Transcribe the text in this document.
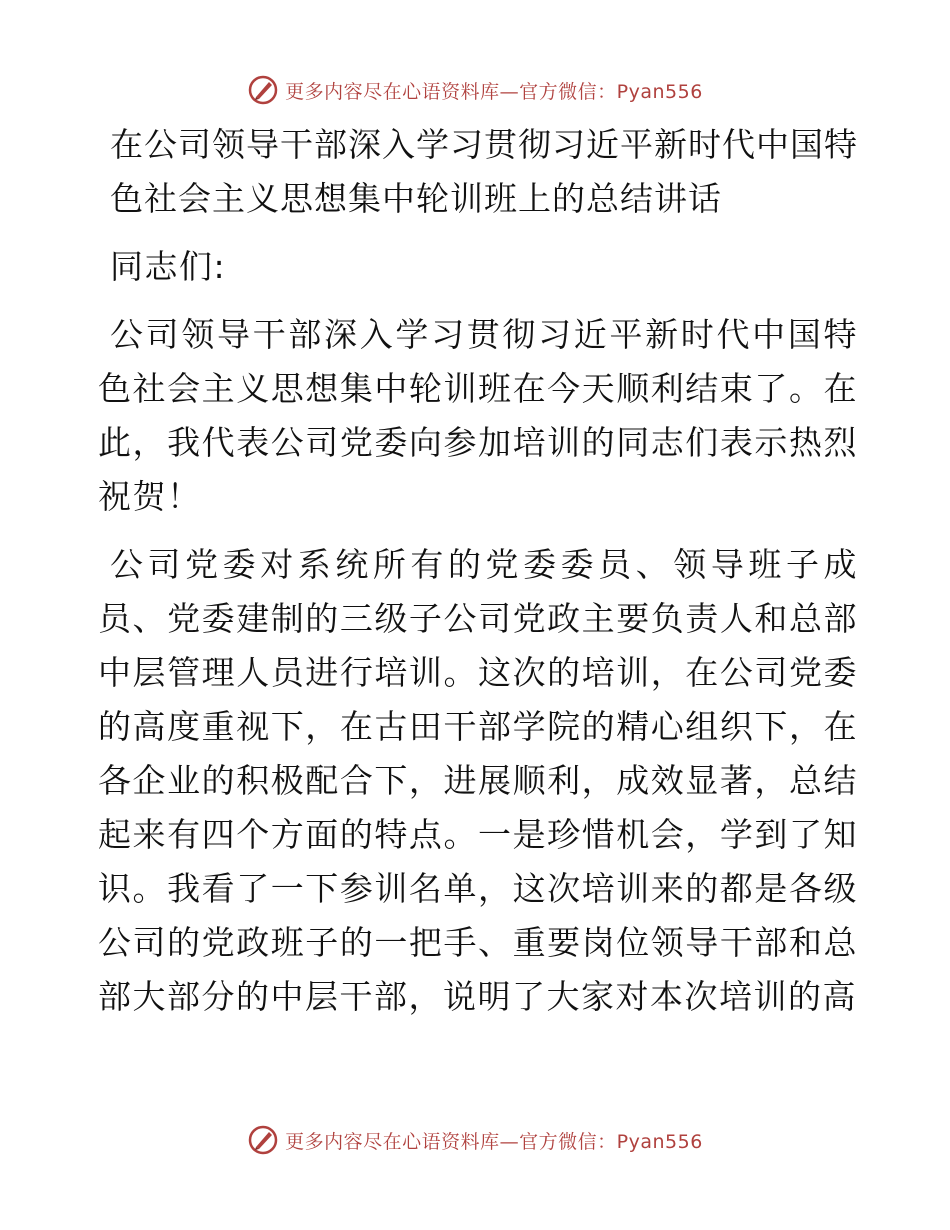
更多内容尽在心语资料库—官方微信：Pyan556
在公司领导干部深入学习贯彻习近平新时代中国特色社会主义思想集中轮训班上的总结讲话

同志们:

公司领导干部深入学习贯彻习近平新时代中国特色社会主义思想集中轮训班在今天顺利结束了。在此，我代表公司党委向参加培训的同志们表示热烈祝贺！

公司党委对系统所有的党委委员、领导班子成员、党委建制的三级子公司党政主要负责人和总部中层管理人员进行培训。这次的培训，在公司党委的高度重视下，在古田干部学院的精心组织下，在各企业的积极配合下，进展顺利，成效显著，总结起来有四个方面的特点。一是珍惜机会，学到了知识。我看了一下参训名单，这次培训来的都是各级公司的党政班子的一把手、重要岗位领导干部和总部大部分的中层干部，说明了大家对本次培训的高

更多内容尽在心语资料库—官方微信：Pyan556
